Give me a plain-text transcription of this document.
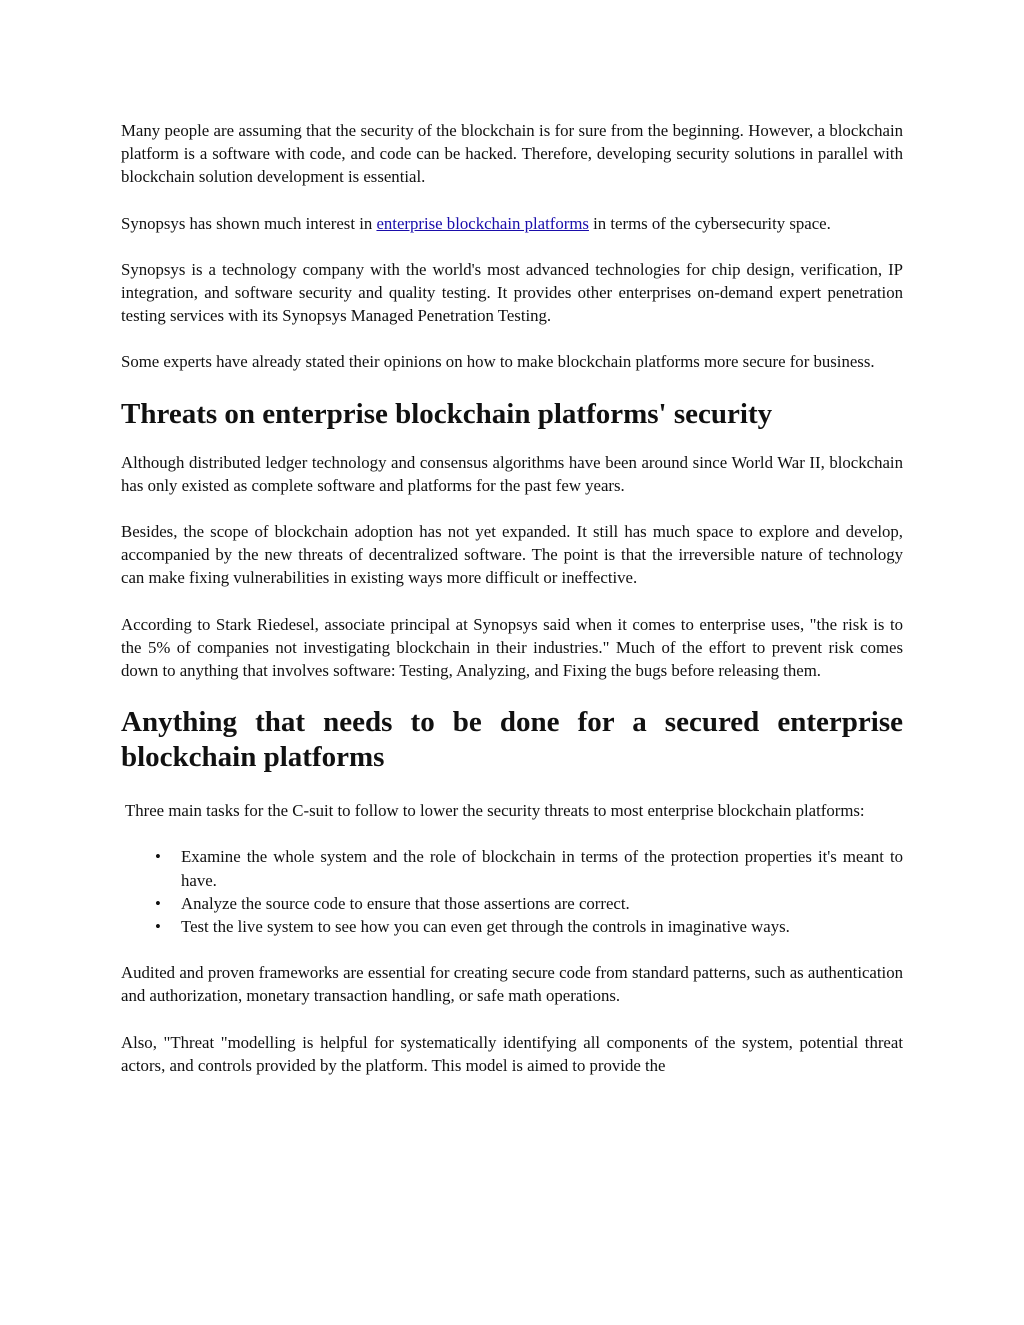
Many people are assuming that the security of the blockchain is for sure from the beginning. However, a blockchain platform is a software with code, and code can be hacked. Therefore, developing security solutions in parallel with blockchain solution development is essential.

Synopsys has shown much interest in enterprise blockchain platforms in terms of the cybersecurity space.

Synopsys is a technology company with the world's most advanced technologies for chip design, verification, IP integration, and software security and quality testing. It provides other enterprises on-demand expert penetration testing services with its Synopsys Managed Penetration Testing.

Some experts have already stated their opinions on how to make blockchain platforms more secure for business.

Threats on enterprise blockchain platforms' security

Although distributed ledger technology and consensus algorithms have been around since World War II, blockchain has only existed as complete software and platforms for the past few years.

Besides, the scope of blockchain adoption has not yet expanded. It still has much space to explore and develop, accompanied by the new threats of decentralized software. The point is that the irreversible nature of technology can make fixing vulnerabilities in existing ways more difficult or ineffective.

According to Stark Riedesel, associate principal at Synopsys said when it comes to enterprise uses, "the risk is to the 5% of companies not investigating blockchain in their industries." Much of the effort to prevent risk comes down to anything that involves software: Testing, Analyzing, and Fixing the bugs before releasing them.

Anything that needs to be done for a secured enterprise blockchain platforms

Three main tasks for the C-suit to follow to lower the security threats to most enterprise blockchain platforms:

• Examine the whole system and the role of blockchain in terms of the protection properties it's meant to have.
• Analyze the source code to ensure that those assertions are correct.
• Test the live system to see how you can even get through the controls in imaginative ways.

Audited and proven frameworks are essential for creating secure code from standard patterns, such as authentication and authorization, monetary transaction handling, or safe math operations.

Also, "Threat "modelling is helpful for systematically identifying all components of the system, potential threat actors, and controls provided by the platform. This model is aimed to provide the
